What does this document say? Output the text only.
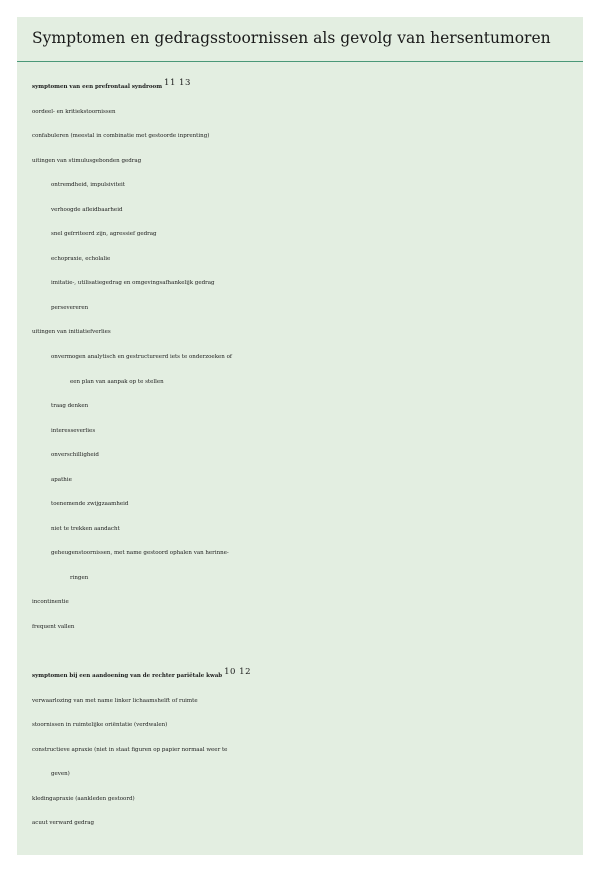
Symptomen en gedragsstoornissen als gevolg van hersentumoren
symptomen van een prefrontaal syndroom 11 13
oordeel- en kritiekstoornissen
confabuleren (meestal in combinatie met gestoorde inprenting)
uitingen van stimulusgebonden gedrag
ontremdheid, impulsiviteit
verhoogde afleidbaarheid
snel geïrriteerd zijn, agressief gedrag
echopraxie, echolalie
imitatie-, utilisatiegedrag en omgevingsafhankelijk gedrag
persevereren
uitingen van initiatiefverlies
onvermogen analytisch en gestructureerd iets te onderzoeken of
een plan van aanpak op te stellen
traag denken
interesseverlies
onverschilligheid
apathie
toenemende zwijgzaamheid
niet te trekken aandacht
geheugenstoornissen, met name gestoord ophalen van herinne-
ringen
incontinentie
frequent vallen
symptomen bij een aandoening van de rechter pariëtale kwab 10 12
verwaarlozing van met name linker lichaamshelft of ruimte
stoornissen in ruimtelijke oriëntatie (verdwalen)
constructieve apraxie (niet in staat figuren op papier normaal weer te
geven)
kledingapraxie (aankleden gestoord)
acuut verward gedrag
